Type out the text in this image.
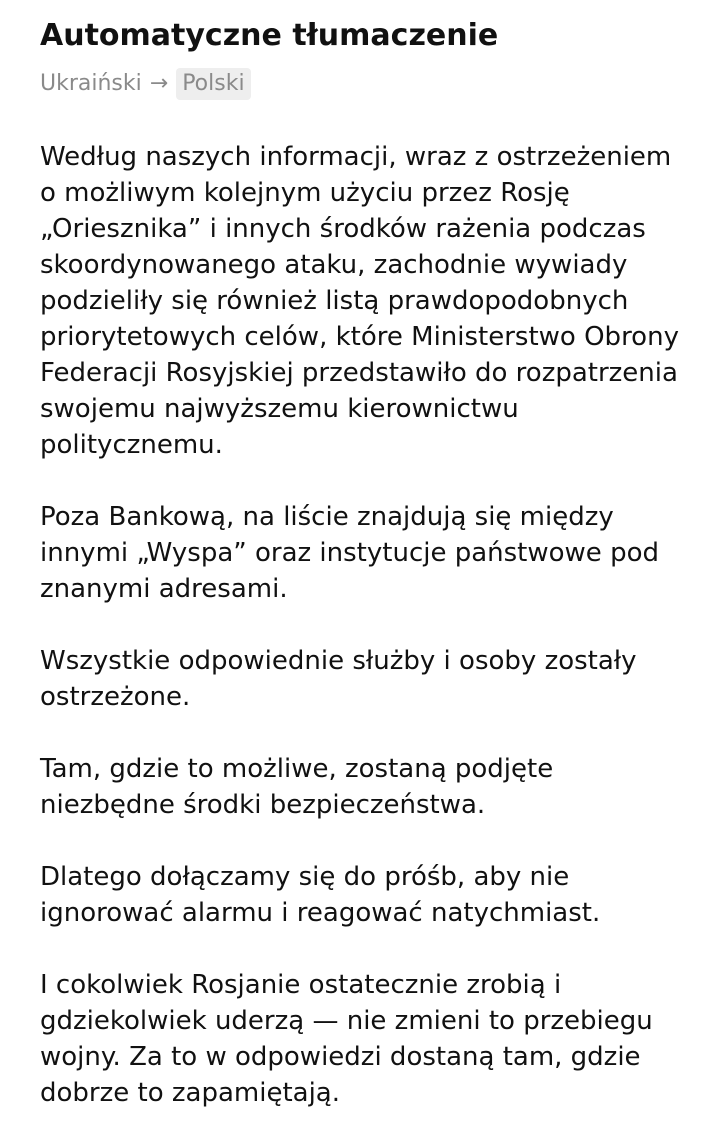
Automatyczne tłumaczenie
Ukraiński → Polski

Według naszych informacji, wraz z ostrzeżeniem o możliwym kolejnym użyciu przez Rosję „Oriesznika” i innych środków rażenia podczas skoordynowanego ataku, zachodnie wywiady podzieliły się również listą prawdopodobnych priorytetowych celów, które Ministerstwo Obrony Federacji Rosyjskiej przedstawiło do rozpatrzenia swojemu najwyższemu kierownictwu politycznemu.

Poza Bankową, na liście znajdują się między innymi „Wyspa” oraz instytucje państwowe pod znanymi adresami.

Wszystkie odpowiednie służby i osoby zostały ostrzeżone.

Tam, gdzie to możliwe, zostaną podjęte niezbędne środki bezpieczeństwa.

Dlatego dołączamy się do próśb, aby nie ignorować alarmu i reagować natychmiast.

I cokolwiek Rosjanie ostatecznie zrobią i gdziekolwiek uderzą — nie zmieni to przebiegu wojny. Za to w odpowiedzi dostaną tam, gdzie dobrze to zapamiętają.
